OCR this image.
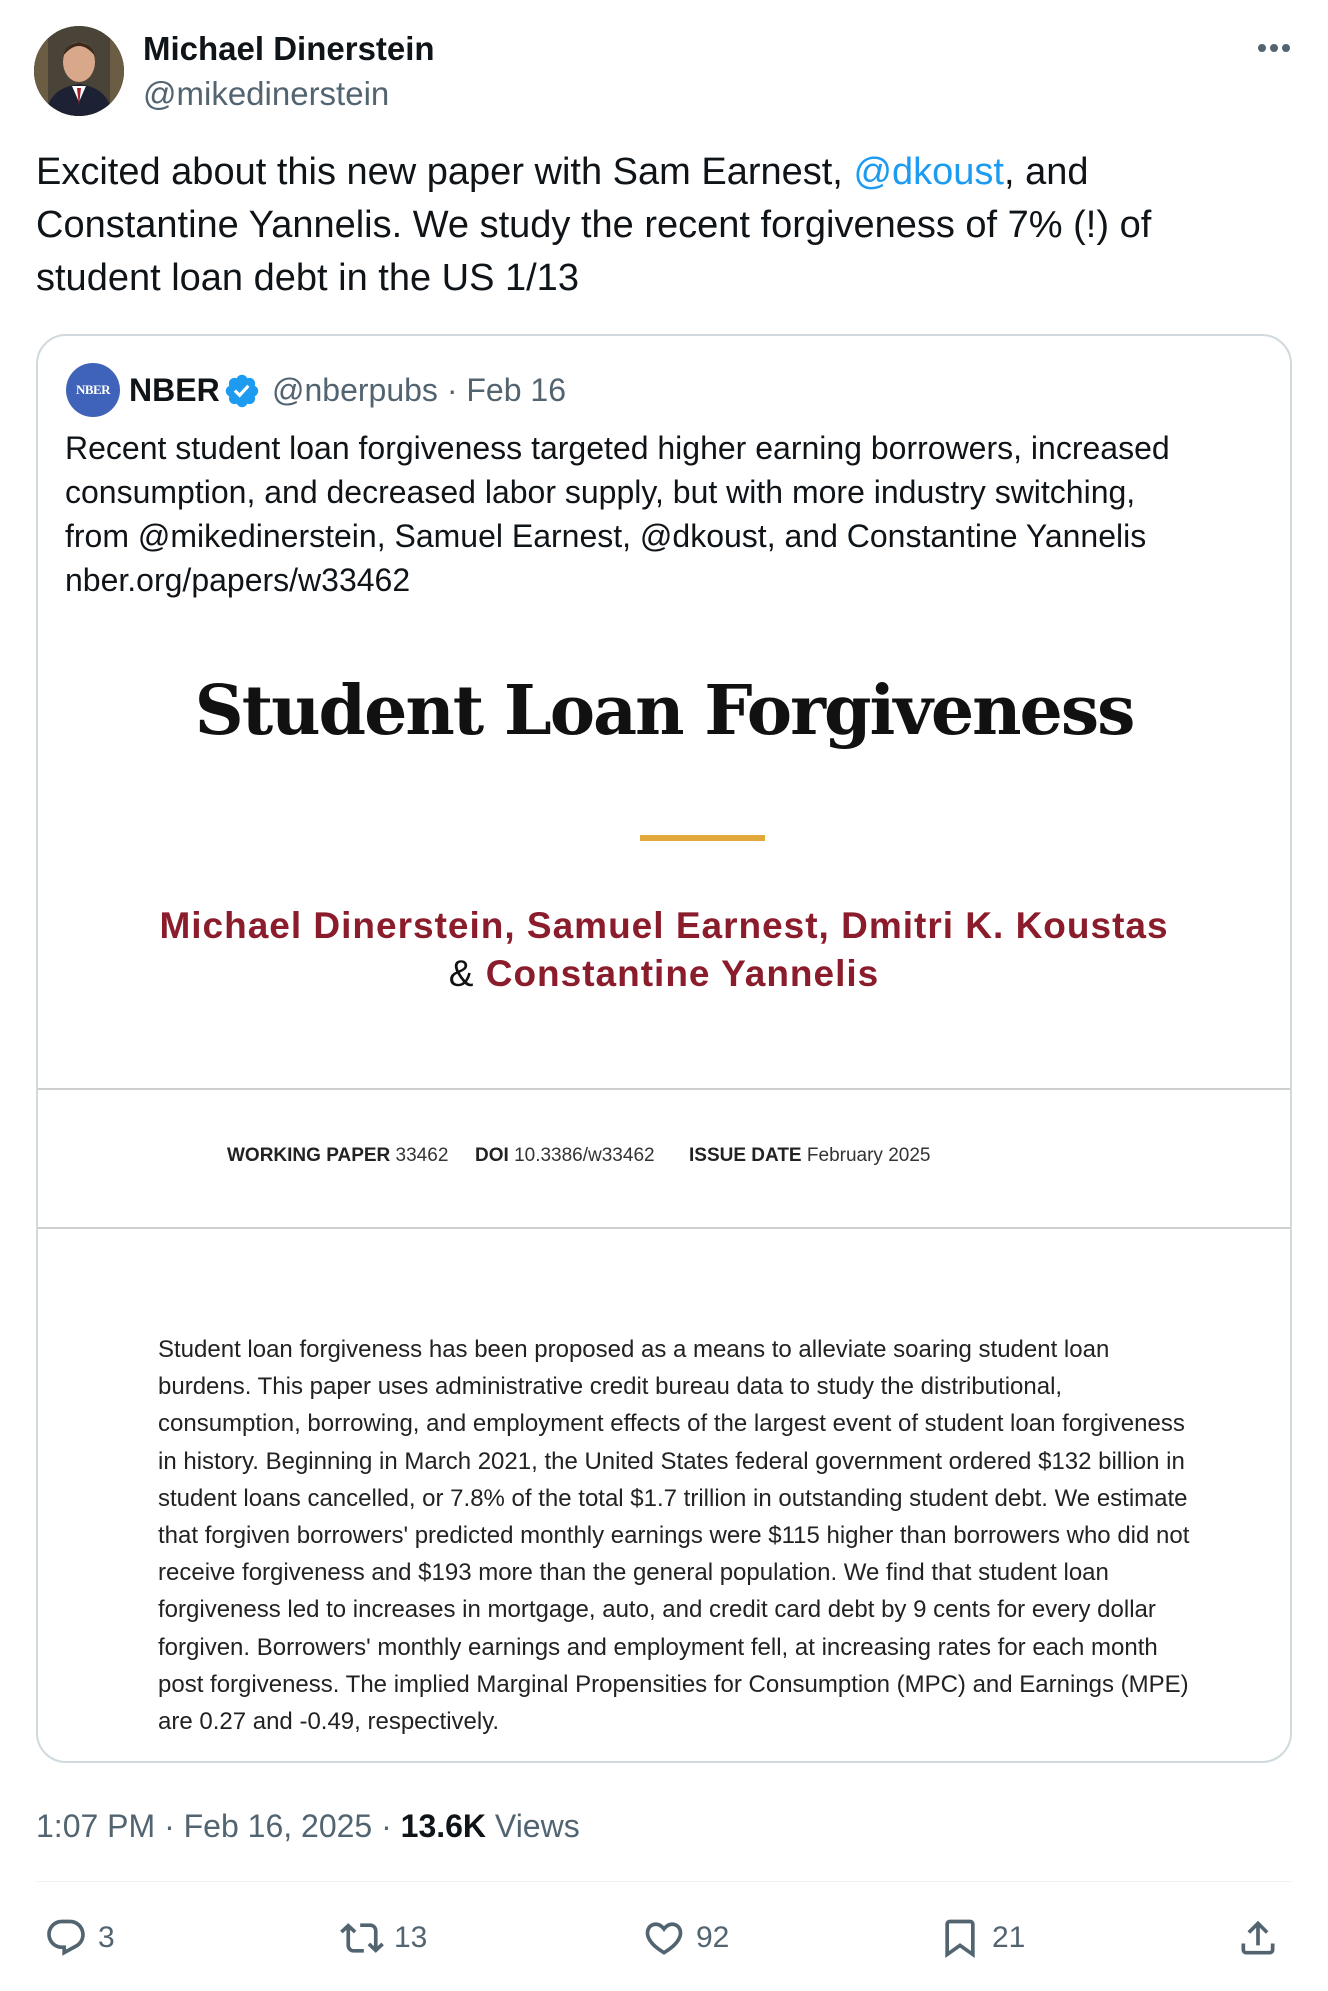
Michael Dinerstein
@mikedinerstein
Excited about this new paper with Sam Earnest, @dkoust, and Constantine Yannelis. We study the recent forgiveness of 7% (!) of student loan debt in the US 1/13
NBER NBER @nberpubs · Feb 16
Recent student loan forgiveness targeted higher earning borrowers, increased
consumption, and decreased labor supply, but with more industry switching,
from @mikedinerstein, Samuel Earnest, @dkoust, and Constantine Yannelis
nber.org/papers/w33462
Student Loan Forgiveness
Michael Dinerstein, Samuel Earnest, Dmitri K. Koustas
& Constantine Yannelis
WORKING PAPER 33462 DOI 10.3386/w33462 ISSUE DATE February 2025
Student loan forgiveness has been proposed as a means to alleviate soaring student loan
burdens. This paper uses administrative credit bureau data to study the distributional,
consumption, borrowing, and employment effects of the largest event of student loan forgiveness
in history. Beginning in March 2021, the United States federal government ordered $132 billion in
student loans cancelled, or 7.8% of the total $1.7 trillion in outstanding student debt. We estimate
that forgiven borrowers' predicted monthly earnings were $115 higher than borrowers who did not
receive forgiveness and $193 more than the general population. We find that student loan
forgiveness led to increases in mortgage, auto, and credit card debt by 9 cents for every dollar
forgiven. Borrowers' monthly earnings and employment fell, at increasing rates for each month
post forgiveness. The implied Marginal Propensities for Consumption (MPC) and Earnings (MPE)
are 0.27 and -0.49, respectively.
1:07 PM · Feb 16, 2025 · 13.6K Views
3	13	92	21
